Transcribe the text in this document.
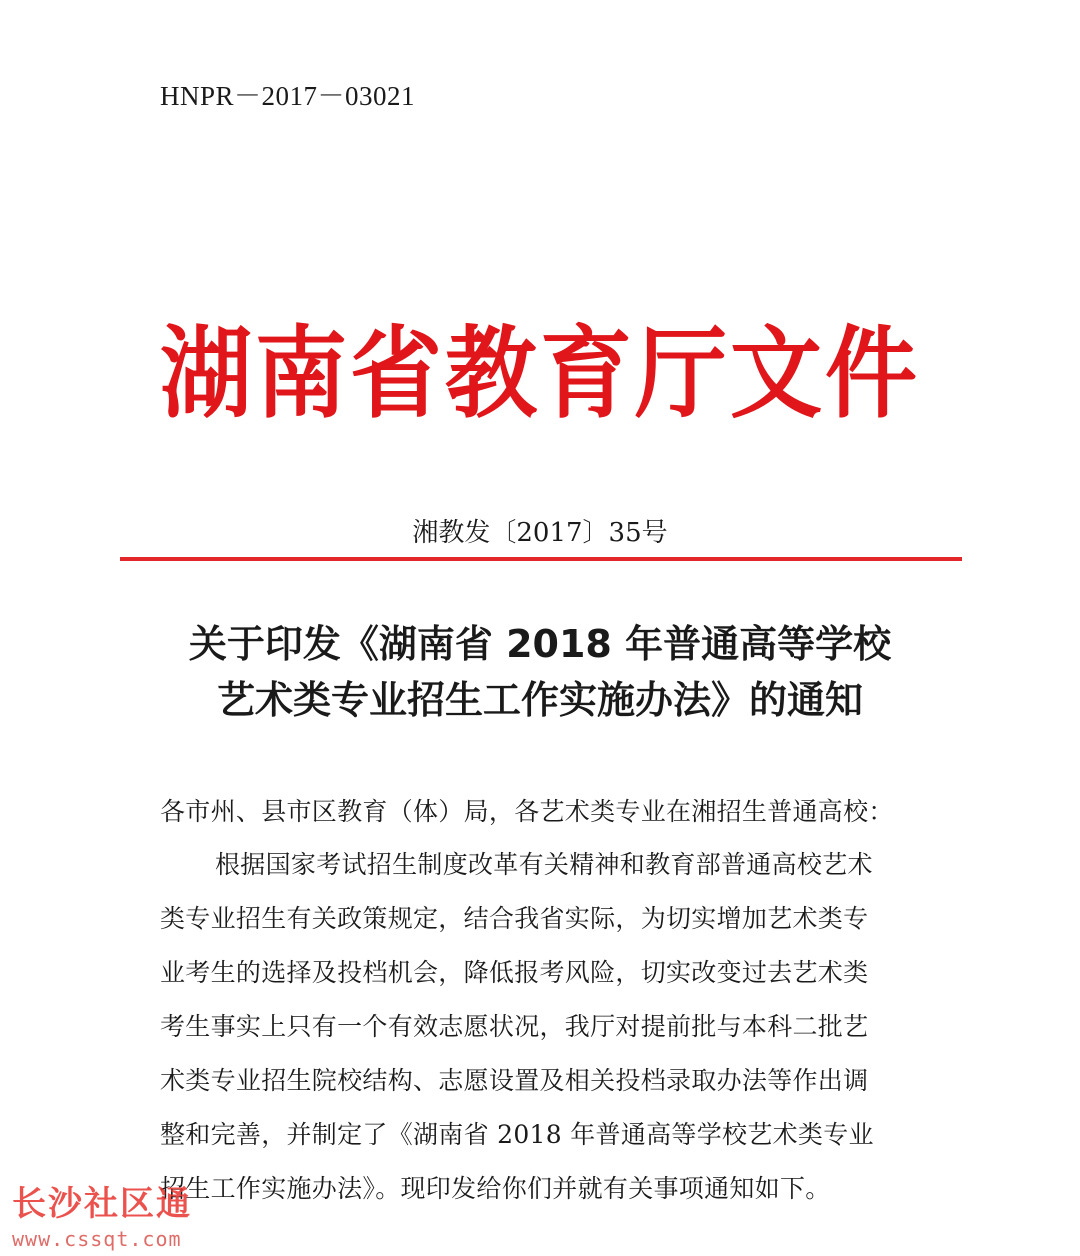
HNPR－2017－03021
湖南省教育厅文件
湘教发〔2017〕35号
关于印发《湖南省 2018 年普通高等学校
艺术类专业招生工作实施办法》的通知
各市州、县市区教育（体）局，各艺术类专业在湘招生普通高校：
根据国家考试招生制度改革有关精神和教育部普通高校艺术
类专业招生有关政策规定，结合我省实际，为切实增加艺术类专
业考生的选择及投档机会，降低报考风险，切实改变过去艺术类
考生事实上只有一个有效志愿状况，我厅对提前批与本科二批艺
术类专业招生院校结构、志愿设置及相关投档录取办法等作出调
整和完善，并制定了《湖南省 2018 年普通高等学校艺术类专业
招生工作实施办法》。现印发给你们并就有关事项通知如下。
长沙社区通
www.cssqt.com
